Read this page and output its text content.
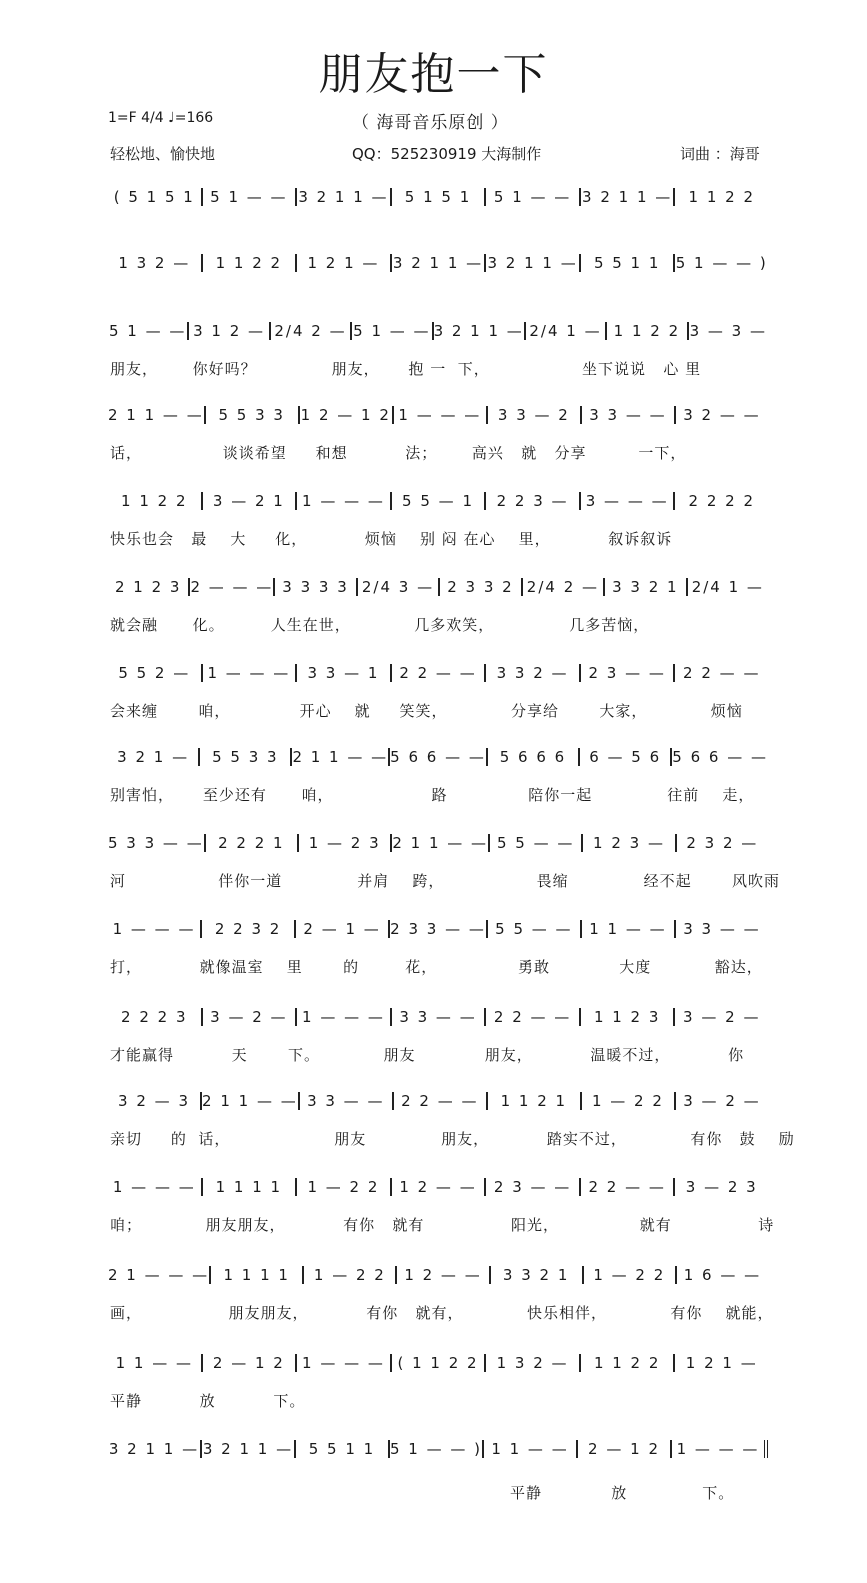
朋友抱一下
1=F 4/4 ♩=166	（ 海哥音乐原创 ）
轻松地、愉快地	QQ：525230919 大海制作	词曲 ：海哥
( 5 1 5 1	5 1 — — 3 2 1 1 —	5 1 5 1	5 1 — — 3 2 1 1 —	1 1 2 2
1 3 2 —	1 1 2 2	1 2 1 — 3 2 1 1 — 3 2 1 1 —	5 5 1 1	5 1 — — )
5 1 — — 3 1 2 — 2/4 2 — 5 1 — — 3 2 1 1 — 2/4 1 — 1 1 2 2 3 — 3 —
朋友，      你好吗？             朋友，     抱 一  下，                坐下说说   心 里
2 1 1 — — 5 5 3 3	1 2 — 1 2 1 — — —	3 3 — 2	3 3 — —	3 2 — —
话，              谈谈希望     和想          法；      高兴   就   分享         一下，
1 1 2 2	3 — 2 1	1 — — —	5 5 — 1	2 2 3 —	3 — — —	2 2 2 2
快乐也会   最    大     化，          烦恼    别 闷 在心    里，          叙诉叙诉
2 1 2 3 2 — — — 3 3 3 3 2/4 3 — 2 3 3 2 2/4 2 — 3 3 2 1 2/4 1 —
就会融      化。        人生在世，           几多欢笑，             几多苦恼，
5 5 2 —	1 — — —	3 3 — 1	2 2 — —	3 3 2 —	2 3 — —	2 2 — —
会来缠       咱，            开心    就     笑笑，           分享给       大家，           烦恼
3 2 1 —	5 5 3 3 2 1 1 — — 5 6 6 — — 5 6 6 6	6 — 5 6 5 6 6 — —
别害怕，     至少还有      咱，                 路              陪你一起             往前    走，
5 3 3 — — 2 2 2 1	1 — 2 3 2 1 1 — — 5 5 — —	1 2 3 —	2 3 2 —
河                伴你一道             并肩    跨，                畏缩             经不起       风吹雨
1 — — —	2 2 3 2	2 — 1 — 2 3 3 — — 5 5 — —	1 1 — —	3 3 — —
打，          就像温室    里       的        花，              勇敢            大度           豁达，
2 2 2 3	3 — 2 — 1 — — — 3 3 — —	2 2 — —	1 1 2 3	3 — 2 —
才能赢得          天       下。           朋友            朋友，          温暖不过，          你
3 2 — 3 2 1 1 — — 3 3 — —	2 2 — —	1 1 2 1	1 — 2 2	3 — 2 —
亲切     的  话，                  朋友             朋友，          踏实不过，           有你   鼓    励
1 — — —	1 1 1 1	1 — 2 2	1 2 — —	2 3 — —	2 2 — —	3 — 2 3
咱；           朋友朋友，          有你   就有               阳光，              就有               诗
2 1 — — — 1 1 1 1	1 — 2 2	1 2 — —	3 3 2 1	1 — 2 2	1 6 — —
画，               朋友朋友，          有你   就有，           快乐相伴，           有你    就能，
1 1 — —	2 — 1 2	1 — — — ( 1 1 2 2	1 3 2 —	1 1 2 2	1 2 1 —
平静          放          下。
3 2 1 1 — 3 2 1 1 —	5 5 1 1 5 1 — — ) 1 1 — —	2 — 1 2	1 — — —
平静            放             下。
